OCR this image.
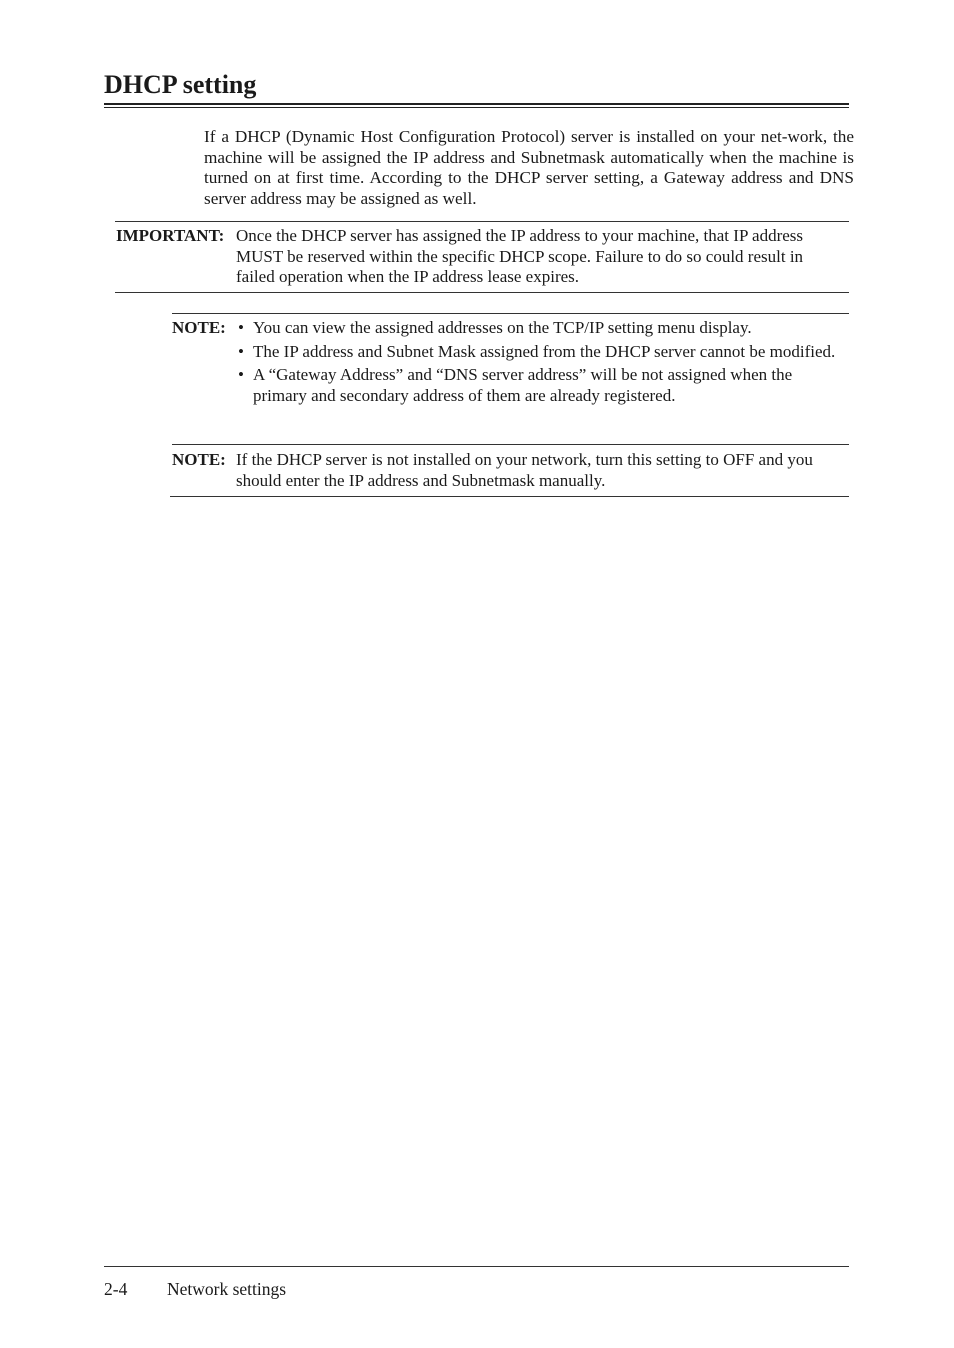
DHCP setting

If a DHCP (Dynamic Host Configuration Protocol) server is installed on your net-work, the machine will be assigned the IP address and Subnetmask automatically when the machine is turned on at first time. According to the DHCP server setting, a Gateway address and DNS server address may be assigned as well.

IMPORTANT: Once the DHCP server has assigned the IP address to your machine, that IP address MUST be reserved within the specific DHCP scope. Failure to do so could result in failed operation when the IP address lease expires.

NOTE:
•	You can view the assigned addresses on the TCP/IP setting menu display.
• The IP address and Subnet Mask assigned from the DHCP server cannot be modified.
• A “Gateway Address” and “DNS server address” will be not assigned when the primary and secondary address of them are already registered.
NOTE: If the DHCP server is not installed on your network, turn this setting to OFF and you should enter the IP address and Subnetmask manually.

2-4 Network settings
